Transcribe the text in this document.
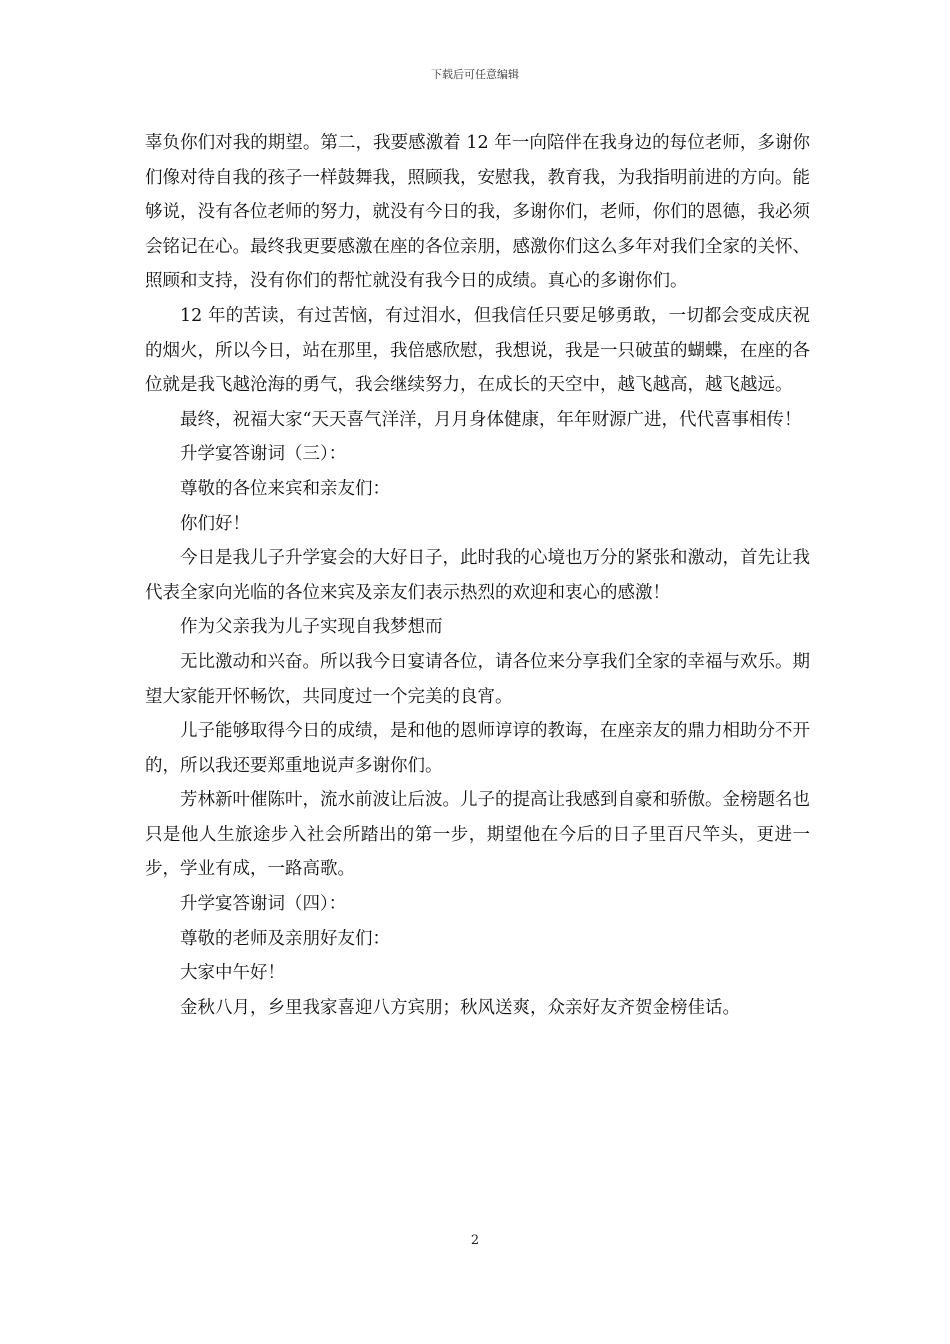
下载后可任意编辑

辜负你们对我的期望。第二，我要感激着 12 年一向陪伴在我身边的每位老师，多谢你们像对待自我的孩子一样鼓舞我，照顾我，安慰我，教育我，为我指明前进的方向。能够说，没有各位老师的努力，就没有今日的我，多谢你们，老师，你们的恩德，我必须会铭记在心。最终我更要感激在座的各位亲朋，感激你们这么多年对我们全家的关怀、照顾和支持，没有你们的帮忙就没有我今日的成绩。真心的多谢你们。

12 年的苦读，有过苦恼，有过泪水，但我信任只要足够勇敢，一切都会变成庆祝的烟火，所以今日，站在那里，我倍感欣慰，我想说，我是一只破茧的蝴蝶，在座的各位就是我飞越沧海的勇气，我会继续努力，在成长的天空中，越飞越高，越飞越远。

最终，祝福大家“天天喜气洋洋，月月身体健康，年年财源广进，代代喜事相传！

升学宴答谢词（三）：

尊敬的各位来宾和亲友们：

你们好！

今日是我儿子升学宴会的大好日子，此时我的心境也万分的紧张和激动，首先让我代表全家向光临的各位来宾及亲友们表示热烈的欢迎和衷心的感激！

作为父亲我为儿子实现自我梦想而

无比激动和兴奋。所以我今日宴请各位，请各位来分享我们全家的幸福与欢乐。期望大家能开怀畅饮，共同度过一个完美的良宵。

儿子能够取得今日的成绩，是和他的恩师谆谆的教诲，在座亲友的鼎力相助分不开的，所以我还要郑重地说声多谢你们。

芳林新叶催陈叶，流水前波让后波。儿子的提高让我感到自豪和骄傲。金榜题名也只是他人生旅途步入社会所踏出的第一步，期望他在今后的日子里百尺竿头，更进一步，学业有成，一路高歌。

升学宴答谢词（四）：

尊敬的老师及亲朋好友们：

大家中午好！

金秋八月，乡里我家喜迎八方宾朋；秋风送爽，众亲好友齐贺金榜佳话。

2
